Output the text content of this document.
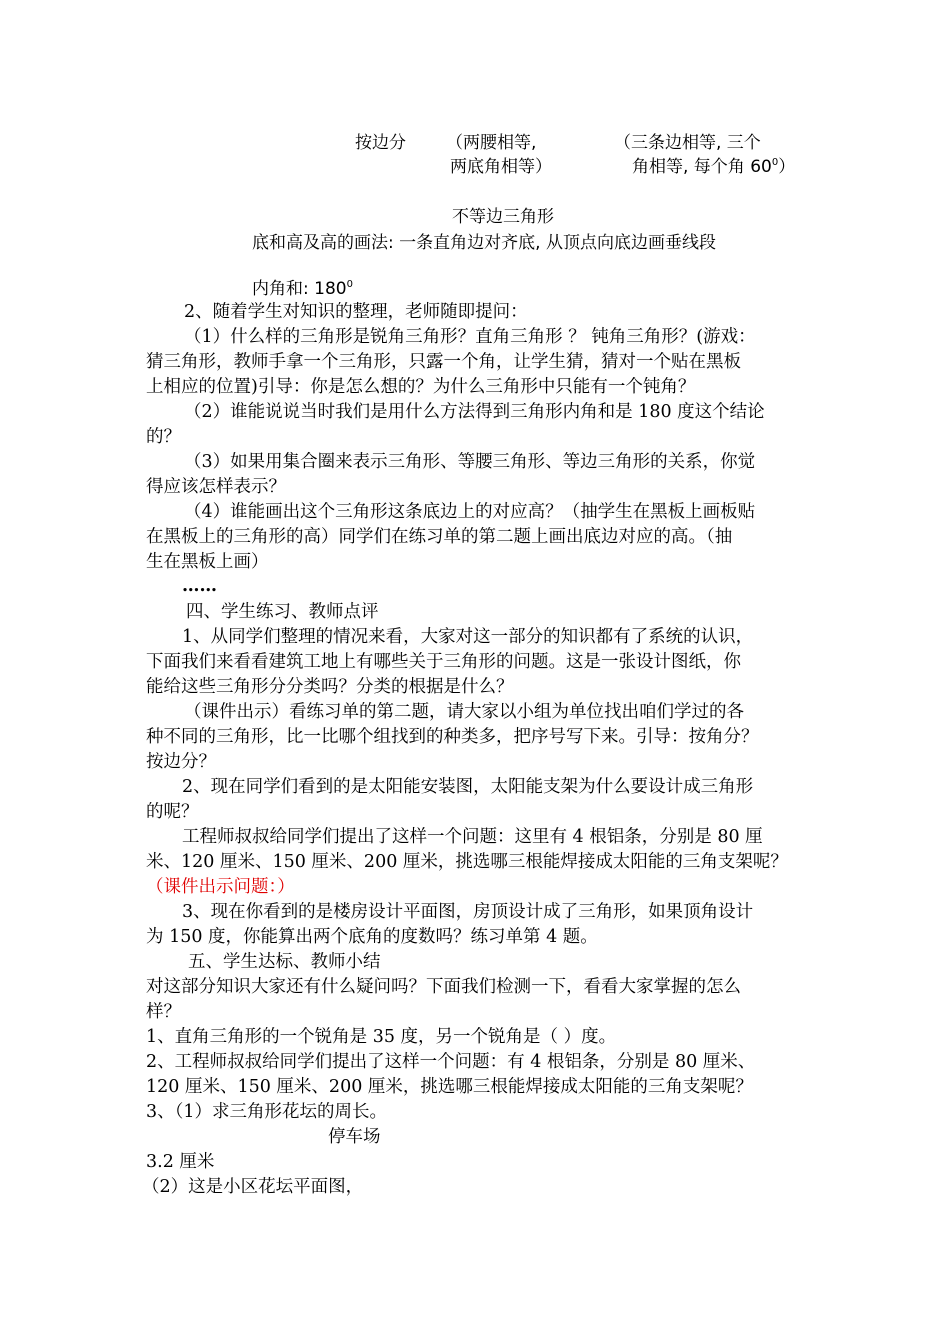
按边分 （两腰相等,
两底角相等）
（三条边相等, 三个
角相等, 每个角 $60^0$）
不等边三角形
底和高及高的画法: 一条直角边对齐底, 从顶点向底边画垂线段
内角和: $180^0$
2、随着学生对知识的整理，老师随即提问：
（1）什么样的三角形是锐角三角形？直角三角形 ？ 钝角三角形？(游戏：
猜三角形，教师手拿一个三角形，只露一个角，让学生猜，猜对一个贴在黑板
上相应的位置)引导：你是怎么想的？为什么三角形中只能有一个钝角？
（2）谁能说说当时我们是用什么方法得到三角形内角和是 180 度这个结论
的？
（3）如果用集合圈来表示三角形、等腰三角形、等边三角形的关系，你觉
得应该怎样表示？
（4）谁能画出这个三角形这条底边上的对应高？（抽学生在黑板上画板贴
在黑板上的三角形的高）同学们在练习单的第二题上画出底边对应的高。（抽
生在黑板上画）
……
四、学生练习、教师点评
1、从同学们整理的情况来看，大家对这一部分的知识都有了系统的认识，
下面我们来看看建筑工地上有哪些关于三角形的问题。这是一张设计图纸，你
能给这些三角形分分类吗？分类的根据是什么？
（课件出示）看练习单的第二题，请大家以小组为单位找出咱们学过的各
种不同的三角形，比一比哪个组找到的种类多，把序号写下来。引导：按角分？
按边分？
2、现在同学们看到的是太阳能安装图，太阳能支架为什么要设计成三角形
的呢？
工程师叔叔给同学们提出了这样一个问题：这里有 4 根铝条，分别是 80 厘
米、120 厘米、150 厘米、200 厘米，挑选哪三根能焊接成太阳能的三角支架呢？
（课件出示问题：）
3、现在你看到的是楼房设计平面图，房顶设计成了三角形，如果顶角设计
为 150 度，你能算出两个底角的度数吗？练习单第 4 题。
五、学生达标、教师小结
对这部分知识大家还有什么疑问吗？下面我们检测一下，看看大家掌握的怎么
样？
1、直角三角形的一个锐角是 35 度，另一个锐角是（ ）度。
2、工程师叔叔给同学们提出了这样一个问题：有 4 根铝条，分别是 80 厘米、
120 厘米、150 厘米、200 厘米，挑选哪三根能焊接成太阳能的三角支架呢？
3、（1）求三角形花坛的周长。
停车场
3.2 厘米
（2）这是小区花坛平面图，
